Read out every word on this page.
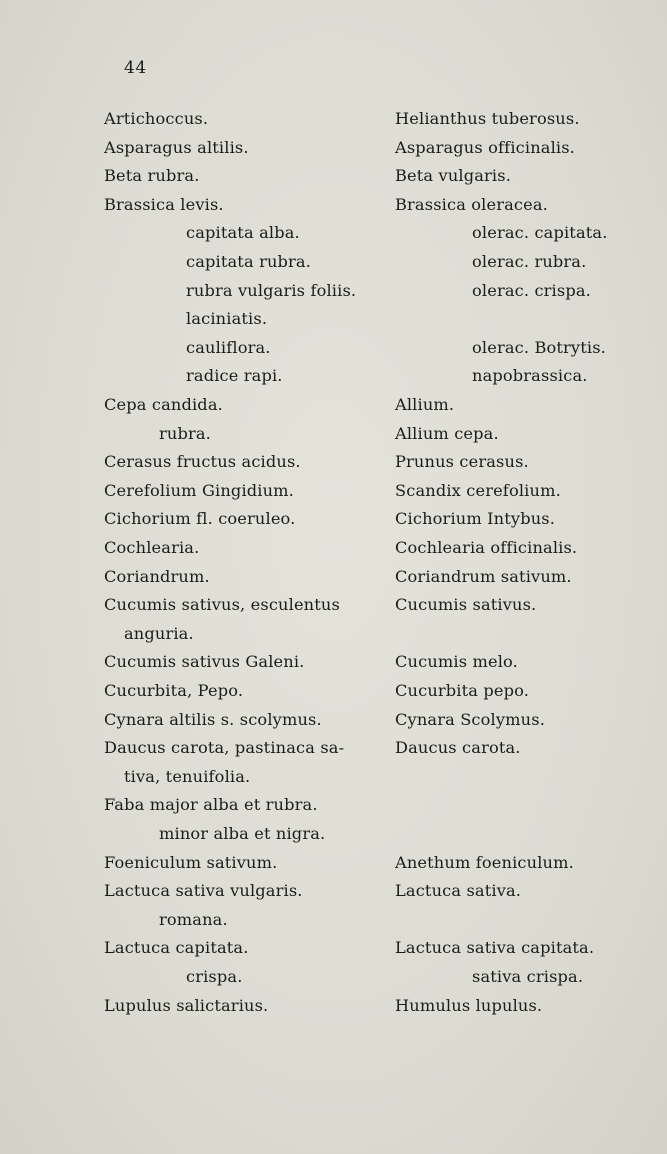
44
Artichoccus.
Asparagus altilis.
Beta rubra.
Brassica levis.
capitata alba.
capitata rubra.
rubra vulgaris foliis.
laciniatis.
cauliflora.
radice rapi.
Cepa candida.
rubra.
Cerasus fructus acidus.
Cerefolium Gingidium.
Cichorium fl. coeruleo.
Cochlearia.
Coriandrum.
Cucumis sativus, esculentus
anguria.
Cucumis sativus Galeni.
Cucurbita, Pepo.
Cynara altilis s. scolymus.
Daucus carota, pastinaca sa-
tiva, tenuifolia.
Faba major alba et rubra.
minor alba et nigra.
Foeniculum sativum.
Lactuca sativa vulgaris.
romana.
Lactuca capitata.
crispa.
Lupulus salictarius.
Helianthus tuberosus.
Asparagus officinalis.
Beta vulgaris.
Brassica oleracea.
olerac. capitata.
olerac. rubra.
olerac. crispa.
olerac. Botrytis.
napobrassica.
Allium.
Allium cepa.
Prunus cerasus.
Scandix cerefolium.
Cichorium Intybus.
Cochlearia officinalis.
Coriandrum sativum.
Cucumis sativus.
Cucumis melo.
Cucurbita pepo.
Cynara Scolymus.
Daucus carota.
Anethum foeniculum.
Lactuca sativa.
Lactuca sativa capitata.
sativa crispa.
Humulus lupulus.
